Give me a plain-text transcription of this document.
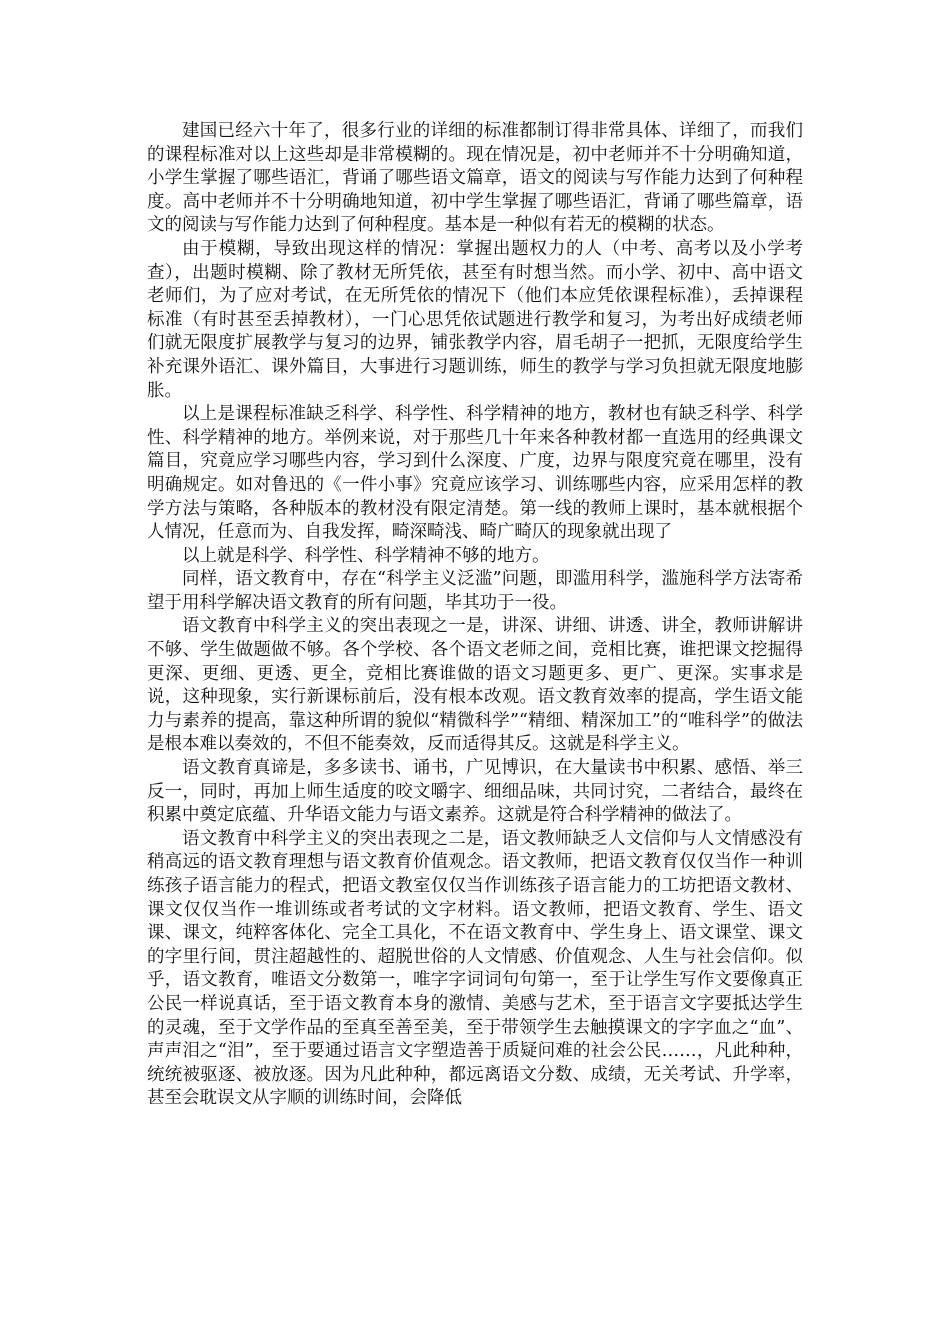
建国已经六十年了，很多行业的详细的标准都制订得非常具体、详细了，而我们的课程标准对以上这些却是非常模糊的。现在情况是，初中老师并不十分明确知道，小学生掌握了哪些语汇，背诵了哪些语文篇章，语文的阅读与写作能力达到了何种程度。高中老师并不十分明确地知道，初中学生掌握了哪些语汇，背诵了哪些篇章，语文的阅读与写作能力达到了何种程度。基本是一种似有若无的模糊的状态。

由于模糊，导致出现这样的情况：掌握出题权力的人（中考、高考以及小学考查），出题时模糊、除了教材无所凭依，甚至有时想当然。而小学、初中、高中语文老师们，为了应对考试，在无所凭依的情况下（他们本应凭依课程标准），丢掉课程标准（有时甚至丢掉教材），一门心思凭依试题进行教学和复习，为考出好成绩老师们就无限度扩展教学与复习的边界，铺张教学内容，眉毛胡子一把抓，无限度给学生补充课外语汇、课外篇目，大事进行习题训练，师生的教学与学习负担就无限度地膨胀。

以上是课程标准缺乏科学、科学性、科学精神的地方，教材也有缺乏科学、科学性、科学精神的地方。举例来说，对于那些几十年来各种教材都一直选用的经典课文篇目，究竟应学习哪些内容，学习到什么深度、广度，边界与限度究竟在哪里，没有明确规定。如对鲁迅的《一件小事》究竟应该学习、训练哪些内容，应采用怎样的教学方法与策略，各种版本的教材没有限定清楚。第一线的教师上课时，基本就根据个人情况，任意而为、自我发挥，畸深畸浅、畸广畸仄的现象就出现了

以上就是科学、科学性、科学精神不够的地方。

同样，语文教育中，存在“科学主义泛滥”问题，即滥用科学，滥施科学方法寄希望于用科学解决语文教育的所有问题，毕其功于一役。

语文教育中科学主义的突出表现之一是，讲深、讲细、讲透、讲全，教师讲解讲不够、学生做题做不够。各个学校、各个语文老师之间，竞相比赛，谁把课文挖掘得更深、更细、更透、更全，竞相比赛谁做的语文习题更多、更广、更深。实事求是说，这种现象，实行新课标前后，没有根本改观。语文教育效率的提高，学生语文能力与素养的提高，靠这种所谓的貌似“精微科学”“精细、精深加工”的“唯科学”的做法是根本难以奏效的，不但不能奏效，反而适得其反。这就是科学主义。

语文教育真谛是，多多读书、诵书，广见博识，在大量读书中积累、感悟、举三反一，同时，再加上师生适度的咬文嚼字、细细品味，共同讨究，二者结合，最终在积累中奠定底蕴、升华语文能力与语文素养。这就是符合科学精神的做法了。

语文教育中科学主义的突出表现之二是，语文教师缺乏人文信仰与人文情感没有稍高远的语文教育理想与语文教育价值观念。语文教师，把语文教育仅仅当作一种训练孩子语言能力的程式，把语文教室仅仅当作训练孩子语言能力的工坊把语文教材、课文仅仅当作一堆训练或者考试的文字材料。语文教师，把语文教育、学生、语文课、课文，纯粹客体化、完全工具化，不在语文教育中、学生身上、语文课堂、课文的字里行间，贯注超越性的、超脱世俗的人文情感、价值观念、人生与社会信仰。似乎，语文教育，唯语文分数第一，唯字字词词句句第一，至于让学生写作文要像真正公民一样说真话，至于语文教育本身的激情、美感与艺术，至于语言文字要抵达学生的灵魂，至于文学作品的至真至善至美，至于带领学生去触摸课文的字字血之“血”、声声泪之“泪”，至于要通过语言文字塑造善于质疑问难的社会公民……，凡此种种，统统被驱逐、被放逐。因为凡此种种，都远离语文分数、成绩，无关考试、升学率，甚至会耽误文从字顺的训练时间，会降低
